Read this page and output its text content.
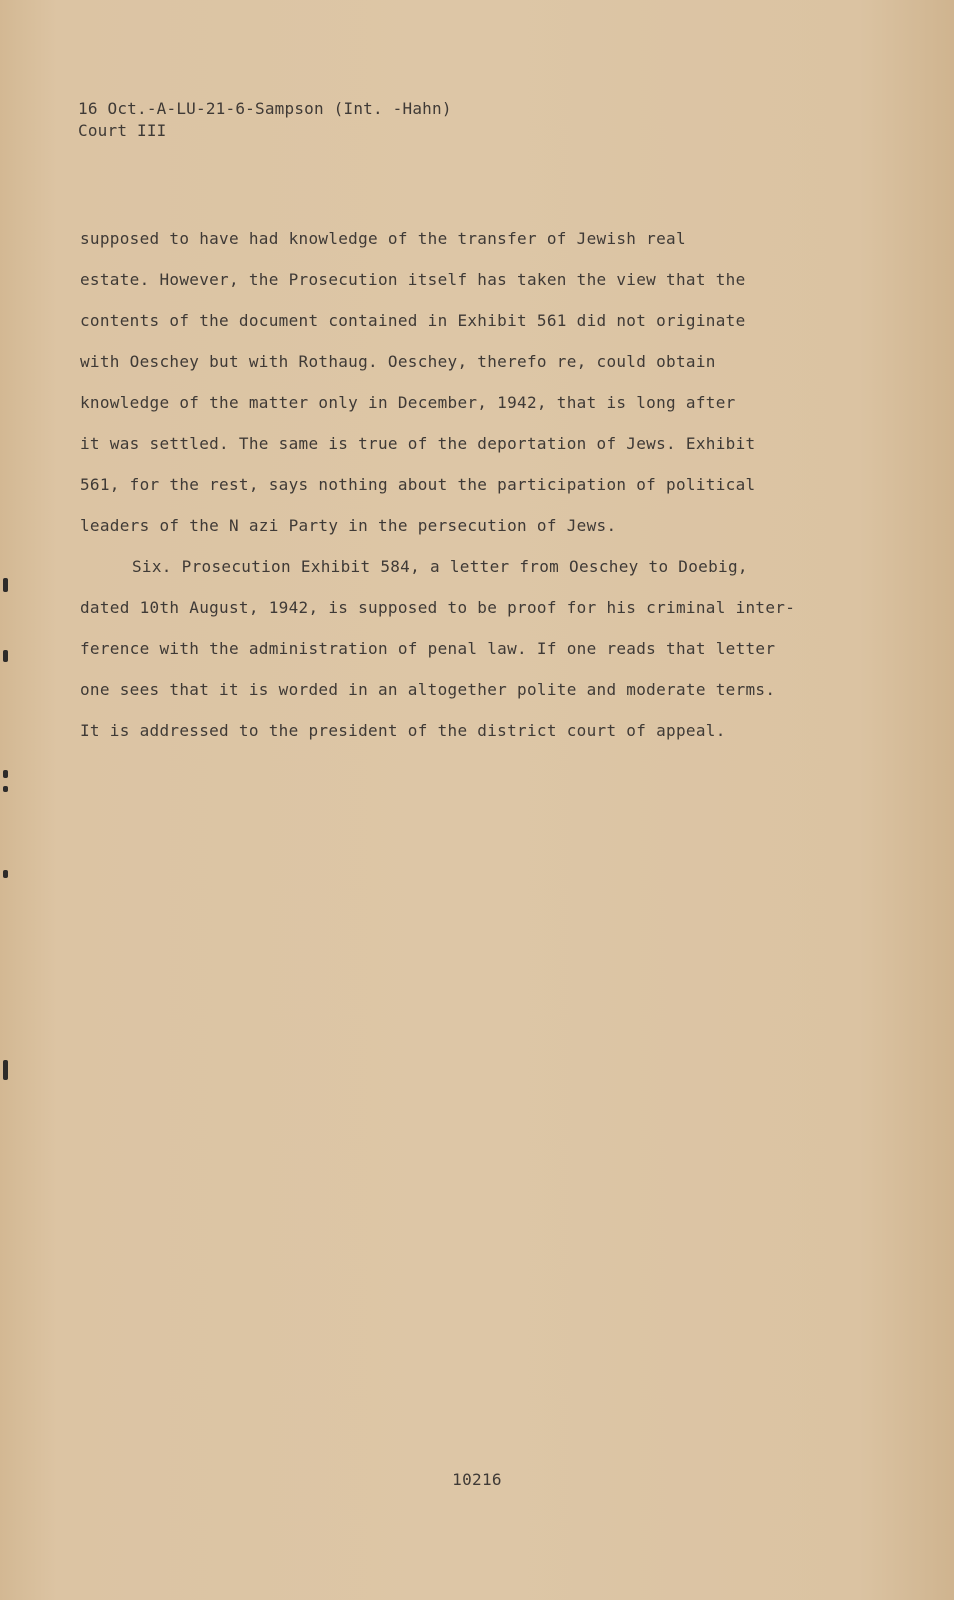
16 Oct.-A-LU-21-6-Sampson (Int. -Hahn)
Court III
supposed to have had knowledge of the transfer of Jewish real
estate. However, the Prosecution itself has taken the view that the
contents of the document contained in Exhibit 561 did not originate
with Oeschey but with Rothaug. Oeschey, therefo re, could obtain
knowledge of the matter only in December, 1942, that is long after
it was settled. The same is true of the deportation of Jews. Exhibit
561, for the rest, says nothing about the participation of political
leaders of the N azi Party in the persecution of Jews.
Six. Prosecution Exhibit 584, a letter from Oeschey to Doebig,
dated 10th August, 1942, is supposed to be proof for his criminal inter-
ference with the administration of penal law. If one reads that letter
one sees that it is worded in an altogether polite and moderate terms.
It is addressed to the president of the district court of appeal.
10216
